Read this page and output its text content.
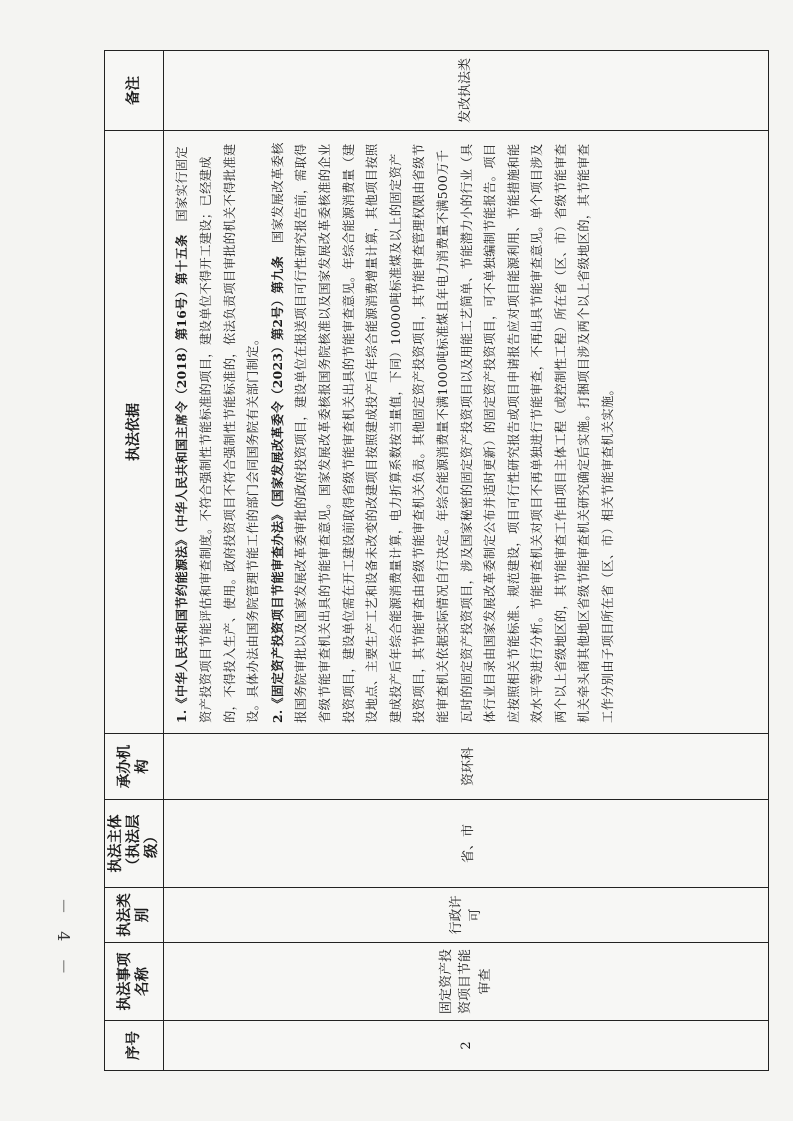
序号	执法事项名称	执法类别	执法主体（执法层级）	承办机构	执法依据	备注
2	固定资产投资项目节能审查	行政许可	省、市	资环科	1.《中华人民共和国节约能源法》（中华人民共和国主席令（2018）第16号）第十五条　国家实行固定资产投资项目节能评估和审查制度。不符合强制性节能标准的项目，建设单位不得开工建设；已经建成的，不得投入生产、使用。政府投资项目不符合强制性节能标准的，依法负责项目审批的机关不得批准建设。具体办法由国务院管理节能工作的部门会同国务院有关部门制定。 2.《固定资产投资项目节能审查办法》（国家发展改革委令（2023）第2号）第九条　国家发展改革委核报国务院审批以及国家发展改革委审批的政府投资项目，建设单位在报送项目可行性研究报告前，需取得省级节能审查机关出具的节能审查意见。国家发展改革委核报国务院核准以及国家发展改革委核准的企业投资项目，建设单位需在开工建设前取得省级节能审查机关出具的节能审查意见。年综合能源消费量（建设地点、主要生产工艺和设备未改变的改建项目按照建成投产后年综合能源消费增量计算，其他项目按照建成投产后年综合能源消费量计算，电力折算系数按当量值，下同）10000吨标准煤及以上的固定资产投资项目，其节能审查由省级节能审查机关负责。其他固定资产投资项目，其节能审查管理权限由省级节能审查机关依据实际情况自行决定。年综合能源消费量不满1000吨标准煤且年电力消费量不满500万千瓦时的固定资产投资项目，涉及国家秘密的固定资产投资项目以及用能工艺简单、节能潜力小的行业（具体行业目录由国家发展改革委制定公布并适时更新）的固定资产投资项目，可不单独编制节能报告。项目应按照相关节能标准、规范建设，项目可行性研究报告或项目申请报告应对项目能源利用、节能措施和能效水平等进行分析。节能审查机关对项目不再单独进行节能审查，不再出具节能审查意见。单个项目涉及两个以上省级地区的，其节能审查工作由项目主体工程（或控制性工程）所在省（区、市）省级节能审查机关牵头商其他地区省级节能审查机关研究确定后实施。打捆项目涉及两个以上省级地区的，其节能审查工作分别由子项目所在省（区、市）相关节能审查机关实施。	发改执法类
－ 4 －
